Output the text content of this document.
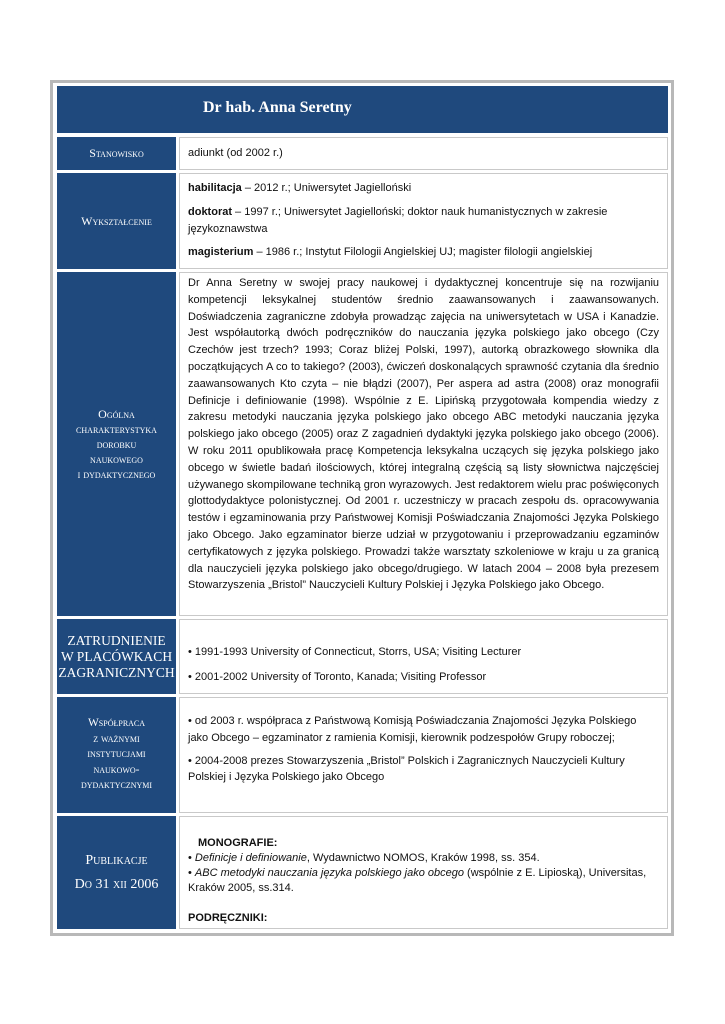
Dr hab. Anna Seretny
Stanowisko	adiunkt (od 2002 r.)
Wykształcenie

habilitacja – 2012 r.; Uniwersytet Jagielloński

doktorat – 1997 r.; Uniwersytet Jagielloński; doktor nauk humanistycznych w zakresie językoznawstwa

magisterium – 1986 r.; Instytut Filologii Angielskiej UJ; magister filologii angielskiej

Ogólna
charakterystyka
dorobku
naukowego
i dydaktycznego
Dr Anna Seretny w swojej pracy naukowej i dydaktycznej koncentruje się na rozwijaniu kompetencji leksykalnej studentów średnio zaawansowanych i zaawansowanych. Doświadczenia zagraniczne zdobyła prowadząc zajęcia na uniwersytetach w USA i Kanadzie. Jest współautorką dwóch podręczników do nauczania języka polskiego jako obcego (Czy Czechów jest trzech? 1993; Coraz bliżej Polski, 1997), autorką obrazkowego słownika dla początkujących A co to takiego? (2003), ćwiczeń doskonalących sprawność czytania dla średnio zaawansowanych Kto czyta – nie błądzi (2007), Per aspera ad astra (2008) oraz monografii Definicje i definiowanie (1998). Wspólnie z E. Lipińską przygotowała kompendia wiedzy z zakresu metodyki nauczania języka polskiego jako obcego ABC metodyki nauczania języka polskiego jako obcego (2005) oraz Z zagadnień dydaktyki języka polskiego jako obcego (2006). W roku 2011 opublikowała pracę Kompetencja leksykalna uczących się języka polskiego jako obcego w świetle badań ilościowych, której integralną częścią są listy słownictwa najczęściej używanego skompilowane techniką gron wyrazowych. Jest redaktorem wielu prac poświęconych glottodydaktyce polonistycznej. Od 2001 r. uczestniczy w pracach zespołu ds. opracowywania testów i egzaminowania przy Państwowej Komisji Poświadczania Znajomości Języka Polskiego jako Obcego. Jako egzaminator bierze udział w przygotowaniu i przeprowadzaniu egzaminów certyfikatowych z języka polskiego. Prowadzi także warsztaty szkoleniowe w kraju u za granicą dla nauczycieli języka polskiego jako obcego/drugiego. W latach 2004 – 2008 była prezesem Stowarzyszenia „Bristol” Nauczycieli Kultury Polskiej i Języka Polskiego jako Obcego.
ZATRUDNIENIE
W PLACÓWKACH
ZAGRANICZNYCH

• 1991-1993 University of Connecticut, Storrs, USA; Visiting Lecturer

• 2001-2002 University of Toronto, Kanada; Visiting Professor

Współpraca
z ważnymi
instytucjami
naukowo-
dydaktycznymi

• od 2003 r. współpraca z Państwową Komisją Poświadczania Znajomości Języka Polskiego jako Obcego – egzaminator z ramienia Komisji, kierownik podzespołów Grupy roboczej;

• 2004-2008 prezes Stowarzyszenia „Bristol” Polskich i Zagranicznych Nauczycieli Kultury Polskiej i Języka Polskiego jako Obcego

Publikacje
Do 31 xii 2006

MONOGRAFIE:

• Definicje i definiowanie, Wydawnictwo NOMOS, Kraków 1998, ss. 354.

• ABC metodyki nauczania języka polskiego jako obcego (wspólnie z E. Lipioską), Universitas, Kraków 2005, ss.314.

PODRĘCZNIKI:
